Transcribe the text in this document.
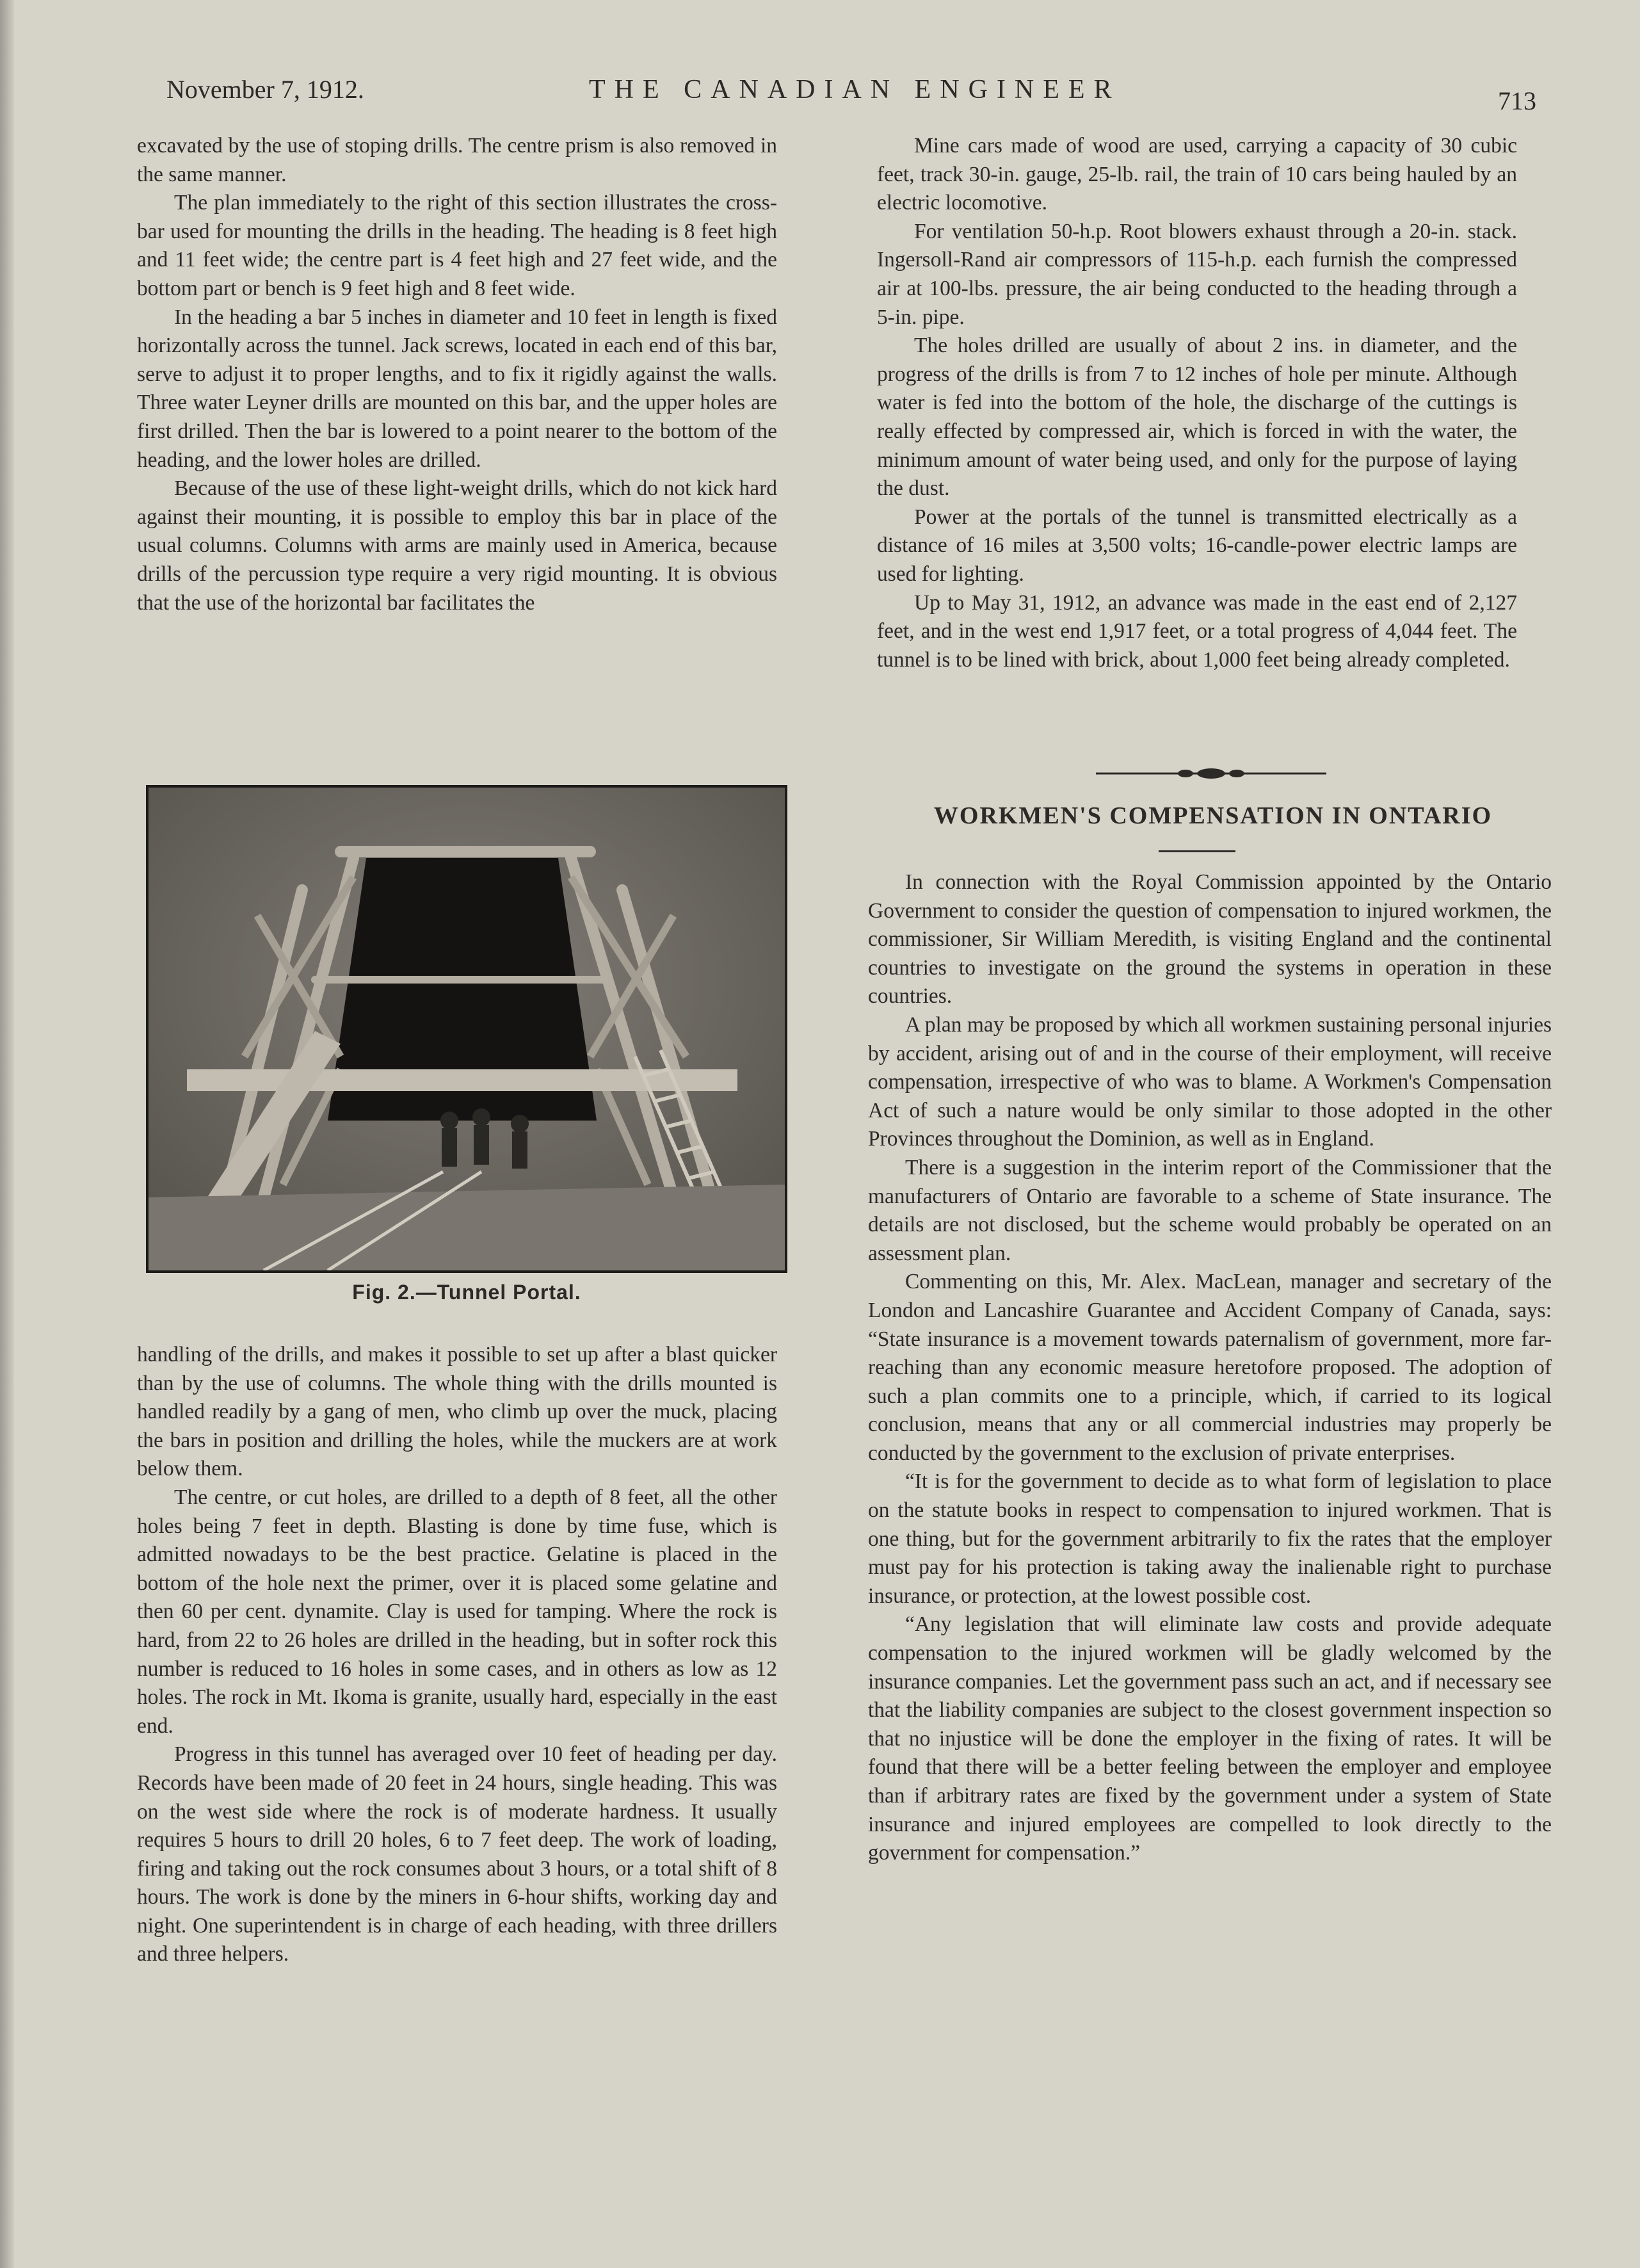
November 7, 1912.	THE CANADIAN ENGINEER	713

excavated by the use of stoping drills. The centre prism is also removed in the same manner.

The plan immediately to the right of this section illustrates the cross-bar used for mounting the drills in the heading. The heading is 8 feet high and 11 feet wide; the centre part is 4 feet high and 27 feet wide, and the bottom part or bench is 9 feet high and 8 feet wide.

In the heading a bar 5 inches in diameter and 10 feet in length is fixed horizontally across the tunnel. Jack screws, located in each end of this bar, serve to adjust it to proper lengths, and to fix it rigidly against the walls. Three water Leyner drills are mounted on this bar, and the upper holes are first drilled. Then the bar is lowered to a point nearer to the bottom of the heading, and the lower holes are drilled.

Because of the use of these light-weight drills, which do not kick hard against their mounting, it is possible to employ this bar in place of the usual columns. Columns with arms are mainly used in America, because drills of the percussion type require a very rigid mounting. It is obvious that the use of the horizontal bar facilitates the

Fig. 2.—Tunnel Portal.

handling of the drills, and makes it possible to set up after a blast quicker than by the use of columns. The whole thing with the drills mounted is handled readily by a gang of men, who climb up over the muck, placing the bars in position and drilling the holes, while the muckers are at work below them.

The centre, or cut holes, are drilled to a depth of 8 feet, all the other holes being 7 feet in depth. Blasting is done by time fuse, which is admitted nowadays to be the best practice. Gelatine is placed in the bottom of the hole next the primer, over it is placed some gelatine and then 60 per cent. dynamite. Clay is used for tamping. Where the rock is hard, from 22 to 26 holes are drilled in the heading, but in softer rock this number is reduced to 16 holes in some cases, and in others as low as 12 holes. The rock in Mt. Ikoma is granite, usually hard, especially in the east end.

Progress in this tunnel has averaged over 10 feet of heading per day. Records have been made of 20 feet in 24 hours, single heading. This was on the west side where the rock is of moderate hardness. It usually requires 5 hours to drill 20 holes, 6 to 7 feet deep. The work of loading, firing and taking out the rock consumes about 3 hours, or a total shift of 8 hours. The work is done by the miners in 6-hour shifts, working day and night. One superintendent is in charge of each heading, with three drillers and three helpers.

Mine cars made of wood are used, carrying a capacity of 30 cubic feet, track 30-in. gauge, 25-lb. rail, the train of 10 cars being hauled by an electric locomotive.

For ventilation 50-h.p. Root blowers exhaust through a 20-in. stack. Ingersoll-Rand air compressors of 115-h.p. each furnish the compressed air at 100-lbs. pressure, the air being conducted to the heading through a 5-in. pipe.

The holes drilled are usually of about 2 ins. in diameter, and the progress of the drills is from 7 to 12 inches of hole per minute. Although water is fed into the bottom of the hole, the discharge of the cuttings is really effected by compressed air, which is forced in with the water, the minimum amount of water being used, and only for the purpose of laying the dust.

Power at the portals of the tunnel is transmitted electrically as a distance of 16 miles at 3,500 volts; 16-candle-power electric lamps are used for lighting.

Up to May 31, 1912, an advance was made in the east end of 2,127 feet, and in the west end 1,917 feet, or a total progress of 4,044 feet. The tunnel is to be lined with brick, about 1,000 feet being already completed.

WORKMEN'S COMPENSATION IN ONTARIO

In connection with the Royal Commission appointed by the Ontario Government to consider the question of compensation to injured workmen, the commissioner, Sir William Meredith, is visiting England and the continental countries to investigate on the ground the systems in operation in these countries.

A plan may be proposed by which all workmen sustaining personal injuries by accident, arising out of and in the course of their employment, will receive compensation, irrespective of who was to blame. A Workmen's Compensation Act of such a nature would be only similar to those adopted in the other Provinces throughout the Dominion, as well as in England.

There is a suggestion in the interim report of the Commissioner that the manufacturers of Ontario are favorable to a scheme of State insurance. The details are not disclosed, but the scheme would probably be operated on an assessment plan.

Commenting on this, Mr. Alex. MacLean, manager and secretary of the London and Lancashire Guarantee and Accident Company of Canada, says: “State insurance is a movement towards paternalism of government, more far-reaching than any economic measure heretofore proposed. The adoption of such a plan commits one to a principle, which, if carried to its logical conclusion, means that any or all commercial industries may properly be conducted by the government to the exclusion of private enterprises.

“It is for the government to decide as to what form of legislation to place on the statute books in respect to compensation to injured workmen. That is one thing, but for the government arbitrarily to fix the rates that the employer must pay for his protection is taking away the inalienable right to purchase insurance, or protection, at the lowest possible cost.

“Any legislation that will eliminate law costs and provide adequate compensation to the injured workmen will be gladly welcomed by the insurance companies. Let the government pass such an act, and if necessary see that the liability companies are subject to the closest government inspection so that no injustice will be done the employer in the fixing of rates. It will be found that there will be a better feeling between the employer and employee than if arbitrary rates are fixed by the government under a system of State insurance and injured employees are compelled to look directly to the government for compensation.”
